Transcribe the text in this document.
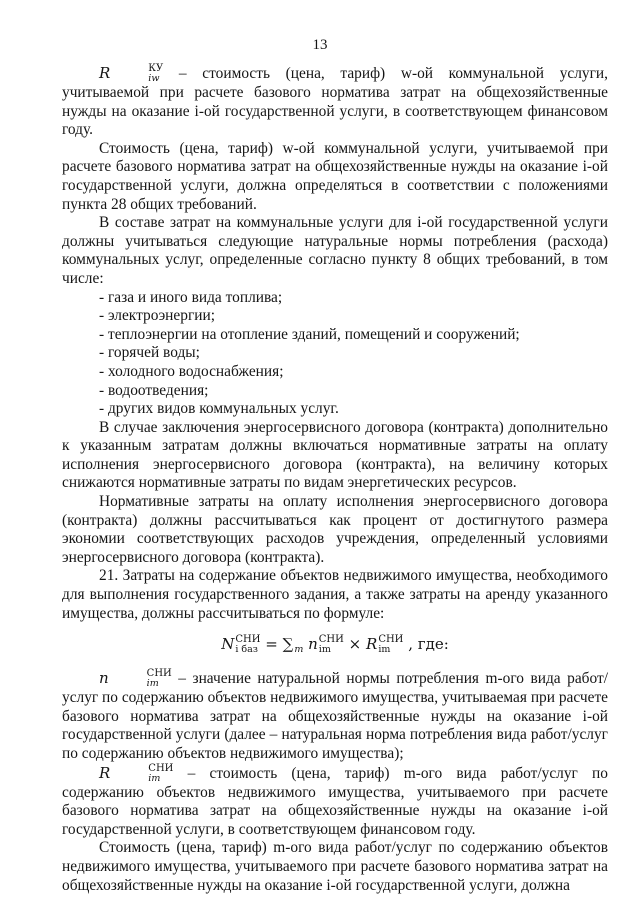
13

R	КУ
iw – стоимость (цена, тариф) w-ой коммунальной услуги, учитываемой при расчете базового норматива затрат на общехозяйственные нужды на оказание i-ой государственной услуги, в соответствующем финансовом году.

Стоимость (цена, тариф) w-ой коммунальной услуги, учитываемой при расчете базового норматива затрат на общехозяйственные нужды на оказание i-ой государственной услуги, должна определяться в соответствии с положениями пункта 28 общих требований.

В составе затрат на коммунальные услуги для i-ой государственной услуги должны учитываться следующие натуральные нормы потребления (расхода) коммунальных услуг, определенные согласно пункту 8 общих требований, в том числе:

- газа и иного вида топлива;

- электроэнергии;

- теплоэнергии на отопление зданий, помещений и сооружений;

- горячей воды;

- холодного водоснабжения;

- водоотведения;

- других видов коммунальных услуг.

В случае заключения энергосервисного договора (контракта) дополнительно к указанным затратам должны включаться нормативные затраты на оплату исполнения энергосервисного договора (контракта), на величину которых снижаются нормативные затраты по видам энергетических ресурсов.

Нормативные затраты на оплату исполнения энергосервисного договора (контракта) должны рассчитываться как процент от достигнутого размера экономии соответствующих расходов учреждения, определенный условиями энергосервисного договора (контракта).

21. Затраты на содержание объектов недвижимого имущества, необходимого для выполнения государственного задания, а также затраты на аренду указанного имущества, должны рассчитываться по формуле:

N СНИ
i баз = ∑
m n СНИ
im	× R СНИ
im	, где:

n	СНИ
im – значение натуральной нормы потребления m-ого вида работ/услуг по содержанию объектов недвижимого имущества, учитываемая при расчете базового норматива затрат на общехозяйственные нужды на оказание i-ой государственной услуги (далее – натуральная норма потребления вида работ/услуг по содержанию объектов недвижимого имущества);

R	СНИ
im – стоимость (цена, тариф) m-ого вида работ/услуг по содержанию объектов недвижимого имущества, учитываемого при расчете базового норматива затрат на общехозяйственные нужды на оказание i-ой государственной услуги, в соответствующем финансовом году.

Стоимость (цена, тариф) m-ого вида работ/услуг по содержанию объектов недвижимого имущества, учитываемого при расчете базового норматива затрат на общехозяйственные нужды на оказание i-ой государственной услуги, должна
